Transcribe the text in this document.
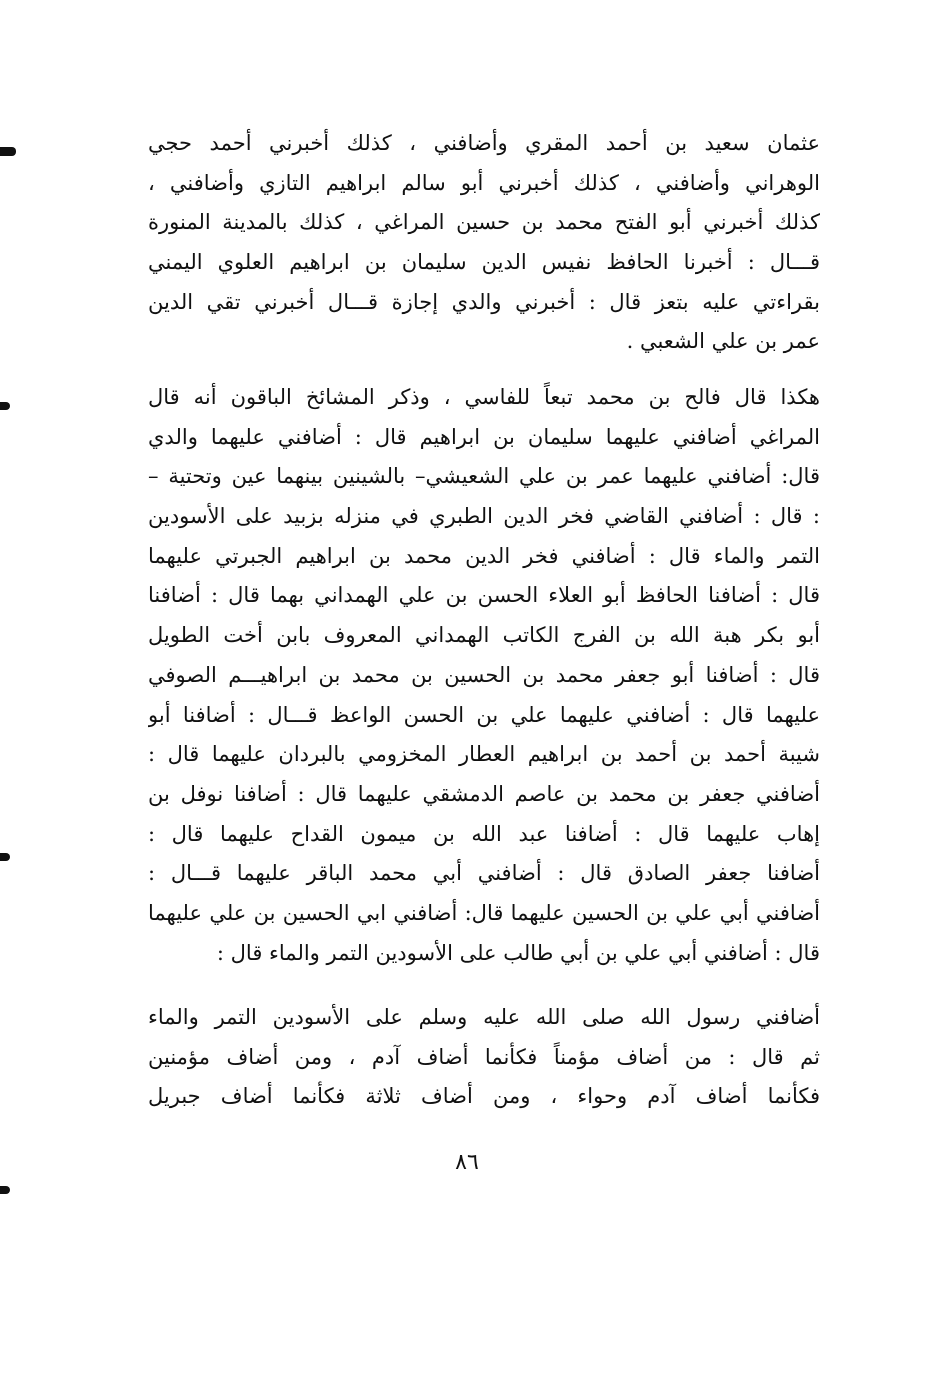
عثمان سعيد بن أحمد المقري وأضافني ، كذلك أخبرني أحمد حجي
الوهراني وأضافني ، كذلك أخبرني أبو سالم ابراهيم التازي وأضافني ،
كذلك أخبرني أبو الفتح محمد بن حسين المراغي ، كذلك بالمدينة المنورة
قـــال : أخبرنا الحافظ نفيس الدين سليمان بن ابراهيم العلوي اليمني
بقراءتي عليه بتعز قال : أخبرني والدي إجازة قـــال أخبرني تقي الدين
عمر بن علي الشعبي .
هكذا قال فالح بن محمد تبعاً للفاسي ، وذكر المشائخ الباقون أنه قال
المراغي أضافني عليهما سليمان بن ابراهيم قال : أضافني عليهما والدي
قال: أضافني عليهما عمر بن علي الشعيشي– بالشينين بينهما عين وتحتية –
: قال : أضافني القاضي فخر الدين الطبري في منزله بزبيد على الأسودين
التمر والماء قال : أضافني فخر الدين محمد بن ابراهيم الجبرتي عليهما
قال : أضافنا الحافظ أبو العلاء الحسن بن علي الهمداني بهما قال : أضافنا
أبو بكر هبة الله بن الفرج الكاتب الهمداني المعروف بابن أخت الطويل
قال : أضافنا أبو جعفر محمد بن الحسين بن محمد بن ابراهيـــم الصوفي
عليهما قال : أضافني عليهما علي بن الحسن الواعظ قـــال : أضافنا أبو
شيبة أحمد بن أحمد بن ابراهيم العطار المخزومي بالبردان عليهما قال :
أضافني جعفر بن محمد بن عاصم الدمشقي عليهما قال : أضافنا نوفل بن
إهاب عليهما قال : أضافنا عبد الله بن ميمون القداح عليهما قال :
أضافنا جعفر الصادق قال : أضافني أبي محمد الباقر عليهما قـــال :
أضافني أبي علي بن الحسين عليهما قال: أضافني ابي الحسين بن علي عليهما
قال : أضافني أبي علي بن أبي طالب على الأسودين التمر والماء قال :
أضافني رسول الله صلى الله عليه وسلم على الأسودين التمر والماء
ثم قال : من أضاف مؤمناً فكأنما أضاف آدم ، ومن أضاف مؤمنين
فكأنما أضاف آدم وحواء ، ومن أضاف ثلاثة فكأنما أضاف جبريل
٨٦
